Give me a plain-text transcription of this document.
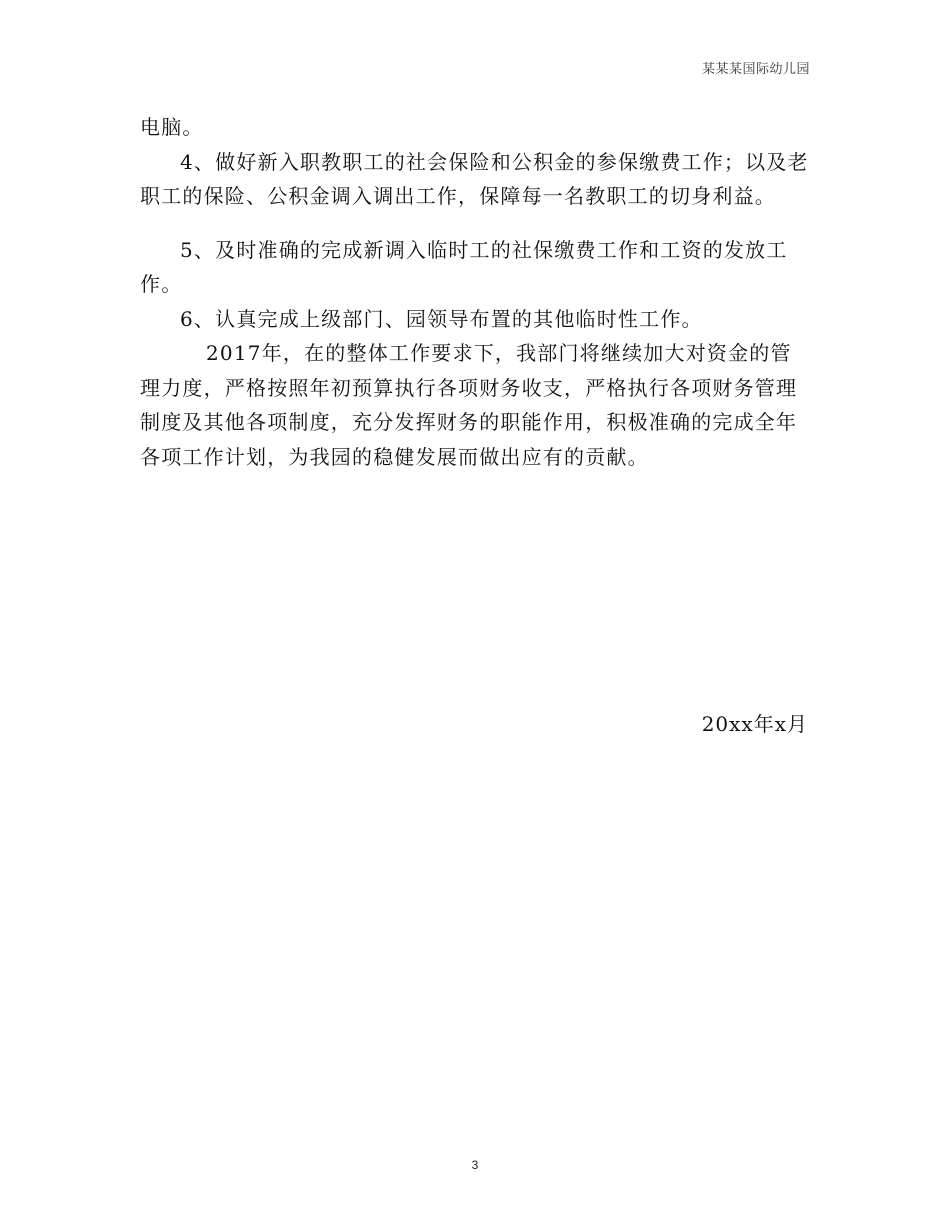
某某某国际幼儿园

电脑。

4、做好新入职教职工的社会保险和公积金的参保缴费工作；以及老职工的保险、公积金调入调出工作，保障每一名教职工的切身利益。

5、及时准确的完成新调入临时工的社保缴费工作和工资的发放工作。

6、认真完成上级部门、园领导布置的其他临时性工作。

2017年，在的整体工作要求下，我部门将继续加大对资金的管理力度，严格按照年初预算执行各项财务收支，严格执行各项财务管理制度及其他各项制度，充分发挥财务的职能作用，积极准确的完成全年各项工作计划，为我园的稳健发展而做出应有的贡献。

20xx年x月
3
